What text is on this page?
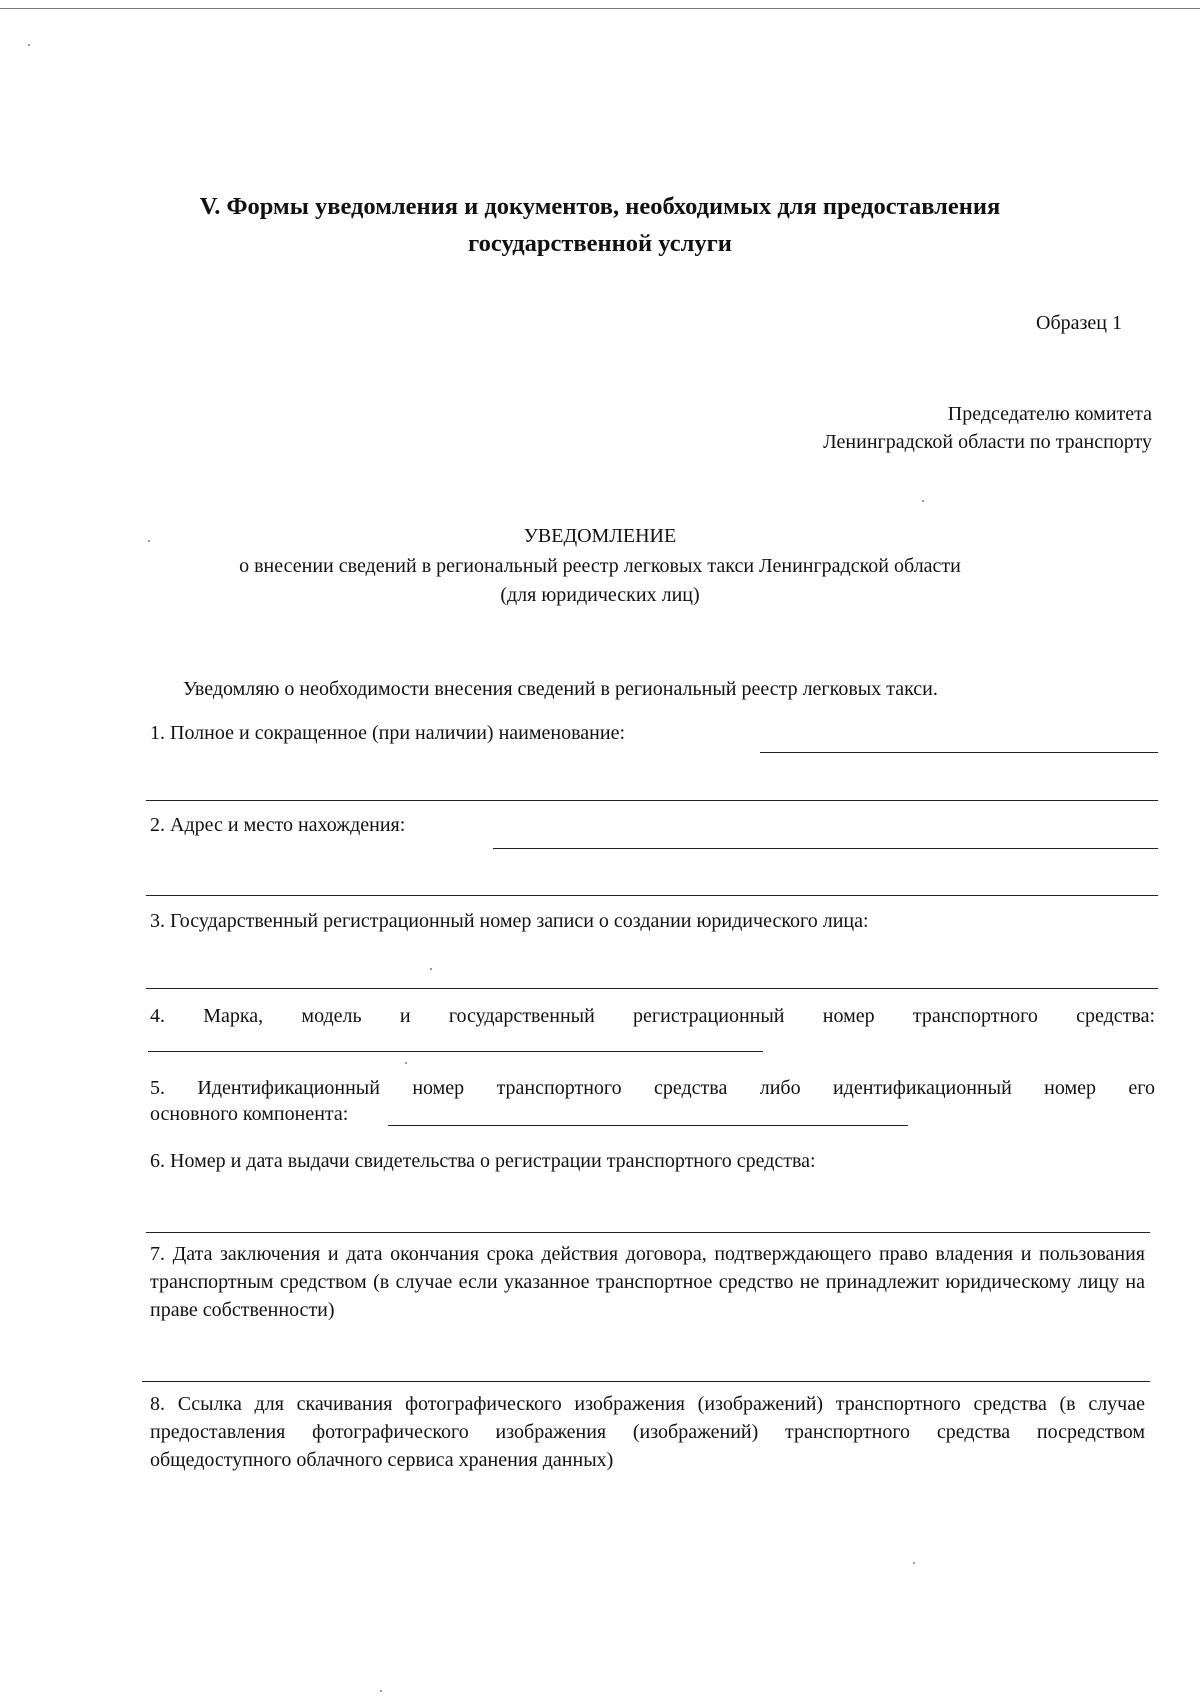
V. Формы уведомления и документов, необходимых для предоставления
государственной услуги
Образец 1
Председателю комитета
Ленинградской области по транспорту
УВЕДОМЛЕНИЕ
о внесении сведений в региональный реестр легковых такси Ленинградской области
(для юридических лиц)
Уведомляю о необходимости внесения сведений в региональный реестр легковых такси.
1. Полное и сокращенное (при наличии) наименование:
2. Адрес и место нахождения:
3. Государственный регистрационный номер записи о создании юридического лица:
4. Марка, модель и государственный регистрационный номер транспортного средства:
5. Идентификационный номер транспортного средства либо идентификационный номер его
основного компонента:
6. Номер и дата выдачи свидетельства о регистрации транспортного средства:
7. Дата заключения и дата окончания срока действия договора, подтверждающего право владения и пользования транспортным средством (в случае если указанное транспортное средство не принадлежит юридическому лицу на праве собственности)
8. Ссылка для скачивания фотографического изображения (изображений) транспортного средства (в случае предоставления фотографического изображения (изображений) транспортного средства посредством общедоступного облачного сервиса хранения данных)
